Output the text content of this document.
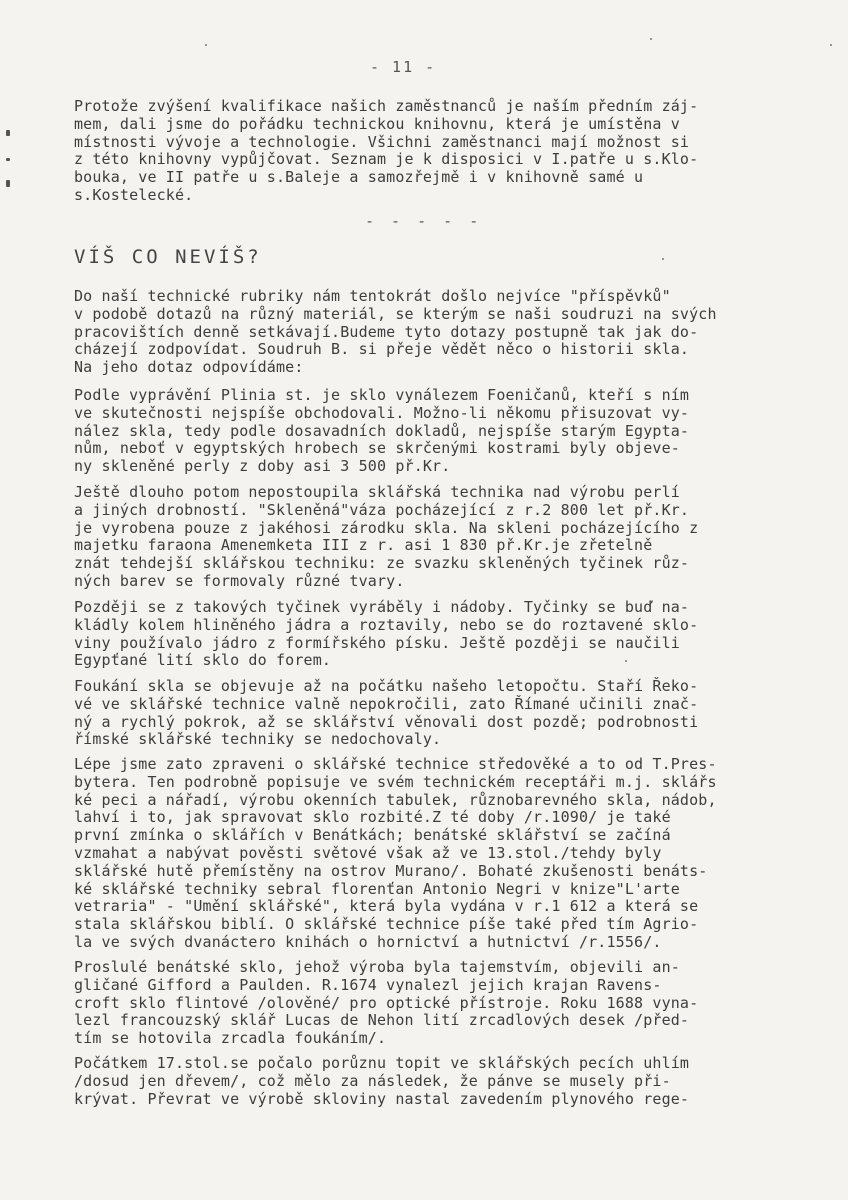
- 11 -
Protože zvýšení kvalifikace našich zaměstnanců je naším předním záj-
mem, dali jsme do pořádku technickou knihovnu, která je umístěna v
místnosti vývoje a technologie. Všichni zaměstnanci mají možnost si
z této knihovny vypůjčovat. Seznam je k disposici v I.patře u s.Klo-
bouka, ve II patře u s.Baleje a samozřejmě i v knihovně samé u
s.Kostelecké.
- - - - -
VÍŠ CO NEVÍŠ?
Do naší technické rubriky nám tentokrát došlo nejvíce "příspěvků"
v podobě dotazů na různý materiál, se kterým se naši soudruzi na svých
pracovištích denně setkávají.Budeme tyto dotazy postupně tak jak do-
cházejí zodpovídat. Soudruh B. si přeje vědět něco o historii skla.
Na jeho dotaz odpovídáme:
Podle vyprávění Plinia st. je sklo vynálezem Foeničanů, kteří s ním
ve skutečnosti nejspíše obchodovali. Možno-li někomu přisuzovat vy-
nález skla, tedy podle dosavadních dokladů, nejspíše starým Egypta-
nům, neboť v egyptských hrobech se skrčenými kostrami byly objeve-
ny skleněné perly z doby asi 3 500 př.Kr.
Ještě dlouho potom nepostoupila sklářská technika nad výrobu perlí
a jiných drobností. "Skleněná"váza pocházející z r.2 800 let př.Kr.
je vyrobena pouze z jakéhosi zárodku skla. Na skleni pocházejícího z
majetku faraona Amenemketa III z r. asi 1 830 př.Kr.je zřetelně
znát tehdejší sklářskou techniku: ze svazku skleněných tyčinek růz-
ných barev se formovaly různé tvary.
Později se z takových tyčinek vyráběly i nádoby. Tyčinky se buď na-
kládly kolem hliněného jádra a roztavily, nebo se do roztavené sklo-
viny používalo jádro z formířského písku. Ještě později se naučili
Egypťané lití sklo do forem.
Foukání skla se objevuje až na počátku našeho letopočtu. Staří Řeko-
vé ve sklářské technice valně nepokročili, zato Římané učinili znač-
ný a rychlý pokrok, až se sklářství věnovali dost pozdě; podrobnosti
římské sklářské techniky se nedochovaly.
Lépe jsme zato zpraveni o sklářské technice středověké a to od T.Pres-
bytera. Ten podrobně popisuje ve svém technickém receptáři m.j. sklářs
ké peci a nářadí, výrobu okenních tabulek, různobarevného skla, nádob,
lahví i to, jak spravovat sklo rozbité.Z té doby /r.1090/ je také
první zmínka o sklářích v Benátkách; benátské sklářství se začíná
vzmahat a nabývat pověsti světové však až ve 13.stol./tehdy byly
sklářské hutě přemístěny na ostrov Murano/. Bohaté zkušenosti benáts-
ké sklářské techniky sebral florenťan Antonio Negri v knize"L'arte
vetraria" - "Umění sklářské", která byla vydána v r.1 612 a která se
stala sklářskou biblí. O sklářské technice píše také před tím Agrio-
la ve svých dvanáctero knihách o hornictví a hutnictví /r.1556/.
Proslulé benátské sklo, jehož výroba byla tajemstvím, objevili an-
gličané Gifford a Paulden. R.1674 vynalezl jejich krajan Ravens-
croft sklo flintové /olověné/ pro optické přístroje. Roku 1688 vyna-
lezl francouzský sklář Lucas de Nehon lití zrcadlových desek /před-
tím se hotovila zrcadla foukáním/.
Počátkem 17.stol.se počalo porůznu topit ve sklářských pecích uhlím
/dosud jen dřevem/, což mělo za následek, že pánve se musely při-
krývat. Převrat ve výrobě skloviny nastal zavedením plynového rege-
